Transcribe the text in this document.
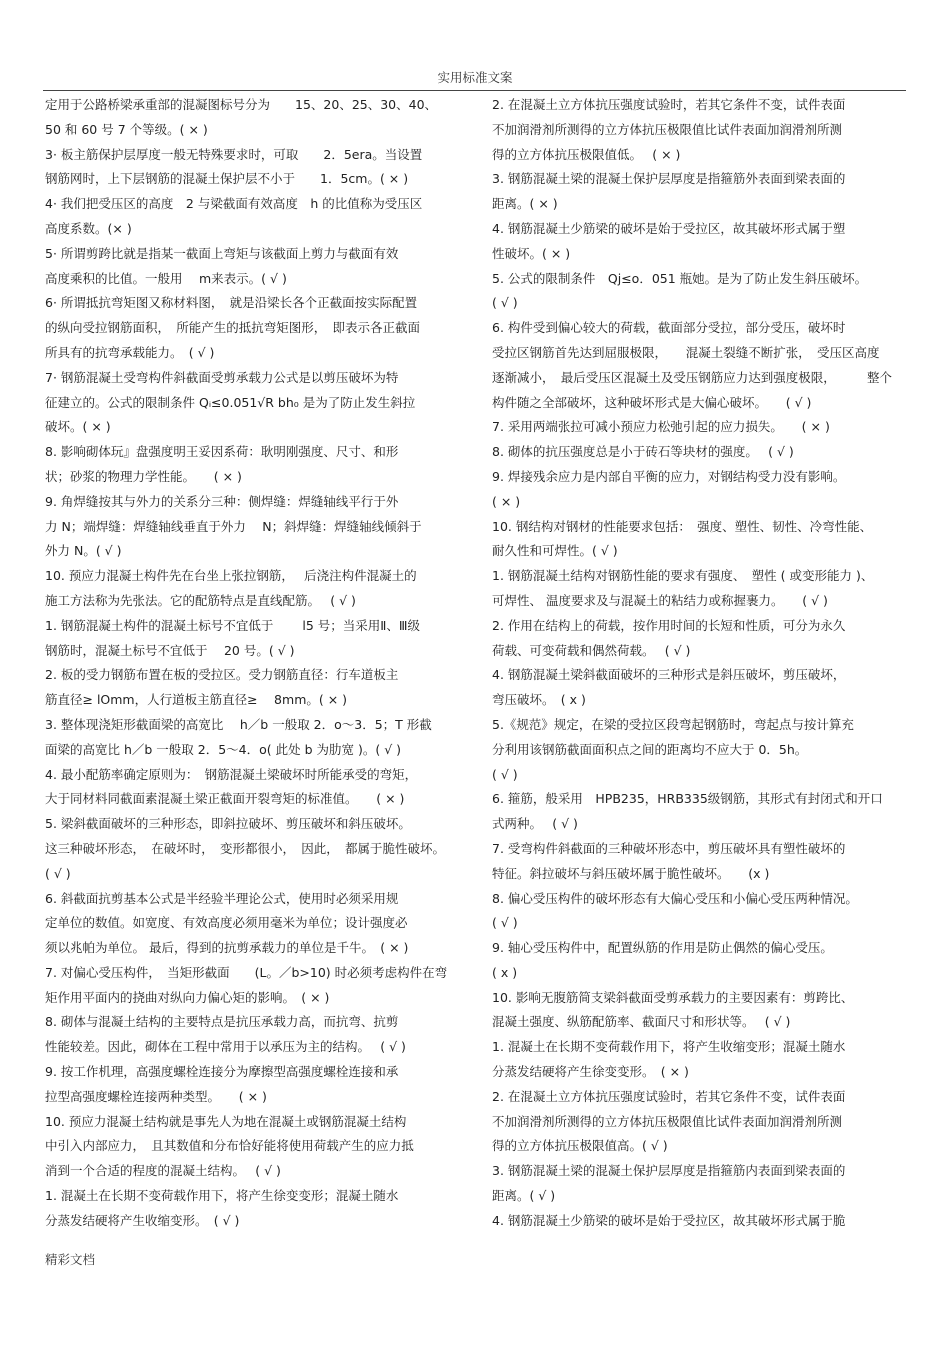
实用标准文案
定用于公路桥梁承重部的混凝图标号分为　　15、20、25、30、40、
50 和 60 号 7 个等级。( × )
3· 板主筋保护层厚度一般无特殊要求时，可取　　2．5era。当设置
钢筋网时，上下层钢筋的混凝土保护层不小于　　1．5cm。( × )
4· 我们把受压区的高度　2 与梁截面有效高度　h 的比值称为受压区
高度系数。(× )
5· 所谓剪跨比就是指某一截面上弯矩与该截面上剪力与截面有效
高度乘积的比值。一般用　 m来表示。( √ )
6· 所谓抵抗弯矩图又称材料图，　就是沿梁长各个正截面按实际配置
的纵向受拉钢筋面积，　所能产生的抵抗弯矩图形，　即表示各正截面
所具有的抗弯承载能力。　( √ )
7· 钢筋混凝土受弯构件斜截面受剪承载力公式是以剪压破坏为特
征建立的。公式的限制条件 Qᵢ≤0.051√R bh₀ 是为了防止发生斜拉
破坏。( × )
8. 影响砌体玩』盘强度明王妥因系荷：耿明刚强度、尺寸、和形
状；砂浆的物理力学性能。　　( × )
9. 角焊缝按其与外力的关系分三种：侧焊缝：焊缝轴线平行于外
力 N；端焊缝：焊缝轴线垂直于外力　 N；斜焊缝：焊缝轴线倾斜于
外力 N。( √ )
10. 预应力混凝土构件先在台坐上张拉钢筋，　 后浇注构件混凝土的
施工方法称为先张法。它的配筋特点是直线配筋。　 ( √ )
1. 钢筋混凝土构件的混凝土标号不宜低于　　 l5 号；当采用Ⅱ、Ⅲ级
钢筋时，混凝土标号不宜低于　 20 号。( √ )
2. 板的受力钢筋布置在板的受拉区。受力钢筋直径：行车道板主
筋直径≥ lOmm，人行道板主筋直径≥　 8mm。( × )
3. 整体现浇矩形截面梁的高宽比　 h／b 一般取 2．o～3．5；T 形截
面梁的高宽比 h／b 一般取 2．5～4．o( 此处 b 为肋宽 )。( √ )
4. 最小配筋率确定原则为：　钢筋混凝土梁破坏时所能承受的弯矩，
大于同材料同截面素混凝土梁正截面开裂弯矩的标准值。　　( × )
5. 梁斜截面破坏的三种形态，即斜拉破坏、剪压破坏和斜压破坏。
这三种破坏形态，　在破坏时，　变形都很小，　因此，　都属于脆性破坏。
( √ )
6. 斜截面抗剪基本公式是半经验半理论公式，使用时必须采用规
定单位的数值。如宽度、有效高度必须用毫米为单位；设计强度必
须以兆帕为单位。 最后，得到的抗剪承载力的单位是千牛。　( × )
7. 对偏心受压构件，　当矩形截面　　(L。／b>10) 时必须考虑构件在弯
矩作用平面内的挠曲对纵向力偏心矩的影响。　( × )
8. 砌体与混凝土结构的主要特点是抗压承载力高，而抗弯、抗剪
性能较差。因此，砌体在工程中常用于以承压为主的结构。　 ( √ )
9. 按工作机理，高强度螺栓连接分为摩擦型高强度螺栓连接和承
拉型高强度螺栓连接两种类型。　　( × )
10. 预应力混凝土结构就是事先人为地在混凝土或钢筋混凝土结构
中引入内部应力，　且其数值和分布恰好能将使用荷载产生的应力抵
消到一个合适的程度的混凝土结构。　 ( √ )
1. 混凝土在长期不变荷载作用下，将产生徐变变形；混凝土随水
分蒸发结硬将产生收缩变形。　( √ )
2. 在混凝土立方体抗压强度试验时，若其它条件不变，试件表面
不加润滑剂所测得的立方体抗压极限值比试件表面加润滑剂所测
得的立方体抗压极限值低。　 ( × )
3. 钢筋混凝土梁的混凝土保护层厚度是指箍筋外表面到梁表面的
距离。( × )
4. 钢筋混凝土少筋梁的破坏是始于受拉区，故其破坏形式属于塑
性破坏。( × )
5. 公式的限制条件　Qj≤o．051 瓶她。是为了防止发生斜压破坏。
( √ )
6. 构件受到偏心较大的荷载，截面部分受拉，部分受压，破坏时
受拉区钢筋首先达到屈服极限，　　混凝土裂缝不断扩张，　受压区高度
逐渐减小，　最后受压区混凝土及受压钢筋应力达到强度极限，　　　整个
构件随之全部破坏，这种破坏形式是大偏心破坏。　　( √ )
7. 采用两端张拉可减小预应力松弛引起的应力损失。　　( × )
8. 砌体的抗压强度总是小于砖石等块材的强度。　 ( √ )
9. 焊接残余应力是内部自平衡的应力，对钢结构受力没有影响。
( × )
10. 钢结构对钢材的性能要求包括：　强度、塑性、韧性、冷弯性能、
耐久性和可焊性。( √ )
1. 钢筋混凝土结构对钢筋性能的要求有强度、　塑性 ( 或变形能力 )、
可焊性、 温度要求及与混凝土的粘结力或称握裹力。　　( √ )
2. 作用在结构上的荷载，按作用时间的长短和性质，可分为永久
荷载、可变荷载和偶然荷载。　 ( √ )
4. 钢筋混凝土梁斜截面破坏的三种形式是斜压破坏，剪压破坏，
弯压破坏。　( x )
5.《规范》规定，在梁的受拉区段弯起钢筋时，弯起点与按计算充
分利用该钢筋截面面积点之间的距离均不应大于 0．5h。
( √ )
6. 箍筋，般采用　HPB235，HRB335级钢筋，其形式有封闭式和开口
式两种。　 ( √ )
7. 受弯构件斜截面的三种破坏形态中，剪压破坏具有塑性破坏的
特征。斜拉破坏与斜压破坏属于脆性破坏。　　(x )
8. 偏心受压构件的破坏形态有大偏心受压和小偏心受压两种情况。
( √ )
9. 轴心受压构件中，配置纵筋的作用是防止偶然的偏心受压。
( x )
10. 影响无腹筋简支梁斜截面受剪承载力的主要因素有：剪跨比、
混凝土强度、纵筋配筋率、截面尺寸和形状等。　 ( √ )
1. 混凝土在长期不变荷载作用下，将产生收缩变形；混凝土随水
分蒸发结硬将产生徐变变形。　( × )
2. 在混凝土立方体抗压强度试验时，若其它条件不变，试件表面
不加润滑剂所测得的立方体抗压极限值比试件表面加润滑剂所测
得的立方体抗压极限值高。( √ )
3. 钢筋混凝土梁的混凝土保护层厚度是指箍筋内表面到梁表面的
距离。( √ )
4. 钢筋混凝土少筋梁的破坏是始于受拉区，故其破坏形式属于脆
精彩文档
